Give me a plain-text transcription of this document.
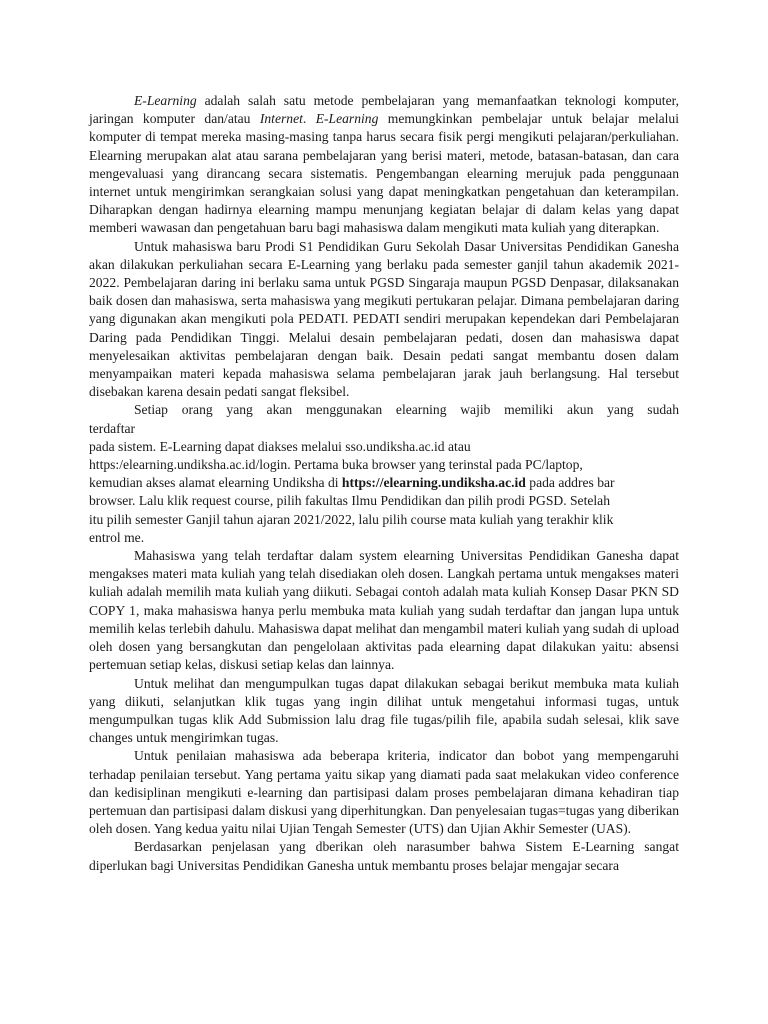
E-Learning adalah salah satu metode pembelajaran yang memanfaatkan teknologi komputer, jaringan komputer dan/atau Internet. E-Learning memungkinkan pembelajar untuk belajar melalui komputer di tempat mereka masing-masing tanpa harus secara fisik pergi mengikuti pelajaran/perkuliahan. Elearning merupakan alat atau sarana pembelajaran yang berisi materi, metode, batasan-batasan, dan cara mengevaluasi yang dirancang secara sistematis. Pengembangan elearning merujuk pada penggunaan internet untuk mengirimkan serangkaian solusi yang dapat meningkatkan pengetahuan dan keterampilan. Diharapkan dengan hadirnya elearning mampu menunjang kegiatan belajar di dalam kelas yang dapat memberi wawasan dan pengetahuan baru bagi mahasiswa dalam mengikuti mata kuliah yang diterapkan.

Untuk mahasiswa baru Prodi S1 Pendidikan Guru Sekolah Dasar Universitas Pendidikan Ganesha akan dilakukan perkuliahan secara E-Learning yang berlaku pada semester ganjil tahun akademik 2021-2022. Pembelajaran daring ini berlaku sama untuk PGSD Singaraja maupun PGSD Denpasar, dilaksanakan baik dosen dan mahasiswa, serta mahasiswa yang megikuti pertukaran pelajar. Dimana pembelajaran daring yang digunakan akan mengikuti pola PEDATI. PEDATI sendiri merupakan kependekan dari Pembelajaran Daring pada Pendidikan Tinggi. Melalui desain pembelajaran pedati, dosen dan mahasiswa dapat menyelesaikan aktivitas pembelajaran dengan baik. Desain pedati sangat membantu dosen dalam menyampaikan materi kepada mahasiswa selama pembelajaran jarak jauh berlangsung. Hal tersebut disebakan karena desain pedati sangat fleksibel.

Setiap orang yang akan menggunakan elearning wajib memiliki akun yang sudah
terdaftar
pada sistem. E-Learning dapat diakses melalui sso.undiksha.ac.id atau
https:/elearning.undiksha.ac.id/login. Pertama buka browser yang terinstal pada PC/laptop,
kemudian akses alamat elearning Undiksha di https://elearning.undiksha.ac.id pada addres bar
browser. Lalu klik request course, pilih fakultas Ilmu Pendidikan dan pilih prodi PGSD. Setelah
itu pilih semester Ganjil tahun ajaran 2021/2022, lalu pilih course mata kuliah yang terakhir klik
entrol me.

Mahasiswa yang telah terdaftar dalam system elearning Universitas Pendidikan Ganesha dapat mengakses materi mata kuliah yang telah disediakan oleh dosen. Langkah pertama untuk mengakses materi kuliah adalah memilih mata kuliah yang diikuti. Sebagai contoh adalah mata kuliah Konsep Dasar PKN SD COPY 1, maka mahasiswa hanya perlu membuka mata kuliah yang sudah terdaftar dan jangan lupa untuk memilih kelas terlebih dahulu. Mahasiswa dapat melihat dan mengambil materi kuliah yang sudah di upload oleh dosen yang bersangkutan dan pengelolaan aktivitas pada elearning dapat dilakukan yaitu: absensi pertemuan setiap kelas, diskusi setiap kelas dan lainnya.

Untuk melihat dan mengumpulkan tugas dapat dilakukan sebagai berikut membuka mata kuliah yang diikuti, selanjutkan klik tugas yang ingin dilihat untuk mengetahui informasi tugas, untuk mengumpulkan tugas klik Add Submission lalu drag file tugas/pilih file, apabila sudah selesai, klik save changes untuk mengirimkan tugas.

Untuk penilaian mahasiswa ada beberapa kriteria, indicator dan bobot yang mempengaruhi terhadap penilaian tersebut. Yang pertama yaitu sikap yang diamati pada saat melakukan video conference dan kedisiplinan mengikuti e-learning dan partisipasi dalam proses pembelajaran dimana kehadiran tiap pertemuan dan partisipasi dalam diskusi yang diperhitungkan. Dan penyelesaian tugas=tugas yang diberikan oleh dosen. Yang kedua yaitu nilai Ujian Tengah Semester (UTS) dan Ujian Akhir Semester (UAS).

Berdasarkan penjelasan yang dberikan oleh narasumber bahwa Sistem E-Learning sangat diperlukan bagi Universitas Pendidikan Ganesha untuk membantu proses belajar mengajar secara
